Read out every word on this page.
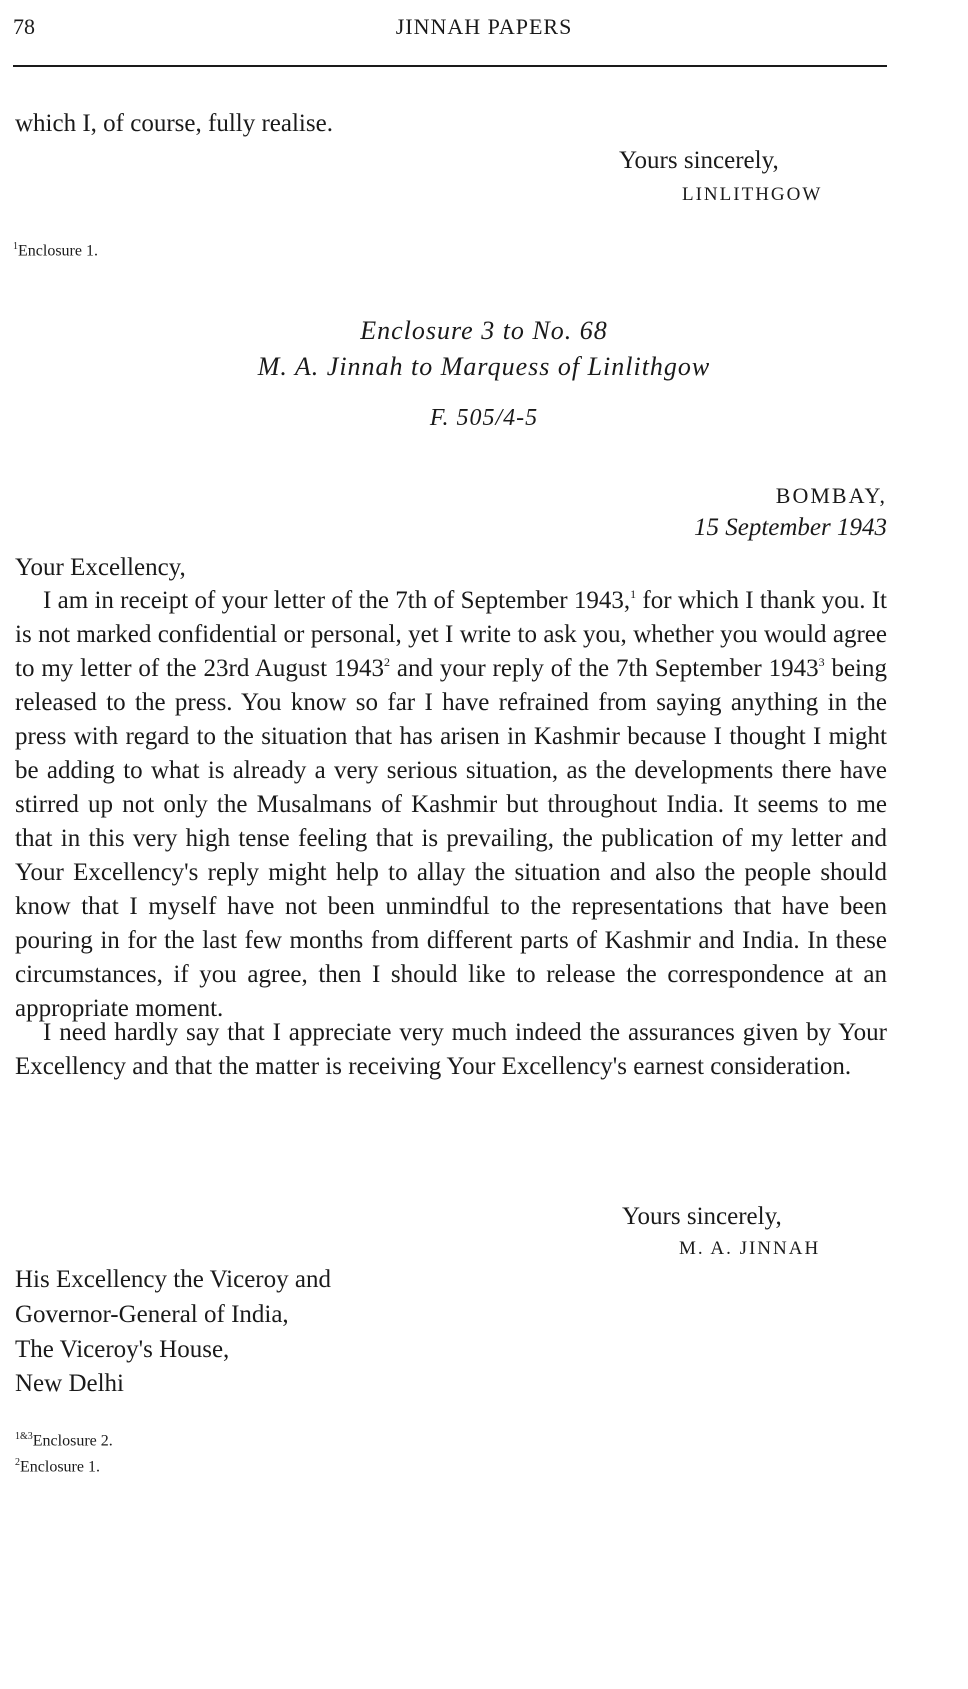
78	JINNAH PAPERS
which I, of course, fully realise.
Yours sincerely,
LINLITHGOW
$^1$Enclosure 1.
Enclosure 3 to No. 68
M. A. Jinnah to Marquess of Linlithgow
F. 505/4-5
BOMBAY,
15 September 1943
Your Excellency,
I am in receipt of your letter of the 7th of September 1943,$^1$ for which I thank you. It is not marked confidential or personal, yet I write to ask you, whether you would agree to my letter of the 23rd August 1943$^2$ and your reply of the 7th September 1943$^3$ being released to the press. You know so far I have refrained from saying anything in the press with regard to the situation that has arisen in Kashmir because I thought I might be adding to what is already a very serious situation, as the developments there have stirred up not only the Musalmans of Kashmir but throughout India. It seems to me that in this very high tense feeling that is prevailing, the publication of my letter and Your Excellency's reply might help to allay the situation and also the people should know that I myself have not been unmindful to the representations that have been pouring in for the last few months from different parts of Kashmir and India. In these circumstances, if you agree, then I should like to release the correspondence at an appropriate moment.
I need hardly say that I appreciate very much indeed the assurances given by Your Excellency and that the matter is receiving Your Excellency's earnest consideration.
Yours sincerely,
M. A. JINNAH
His Excellency the Viceroy and
Governor-General of India,
The Viceroy's House,
New Delhi
$^{1\&3}$Enclosure 2.
$^2$Enclosure 1.
